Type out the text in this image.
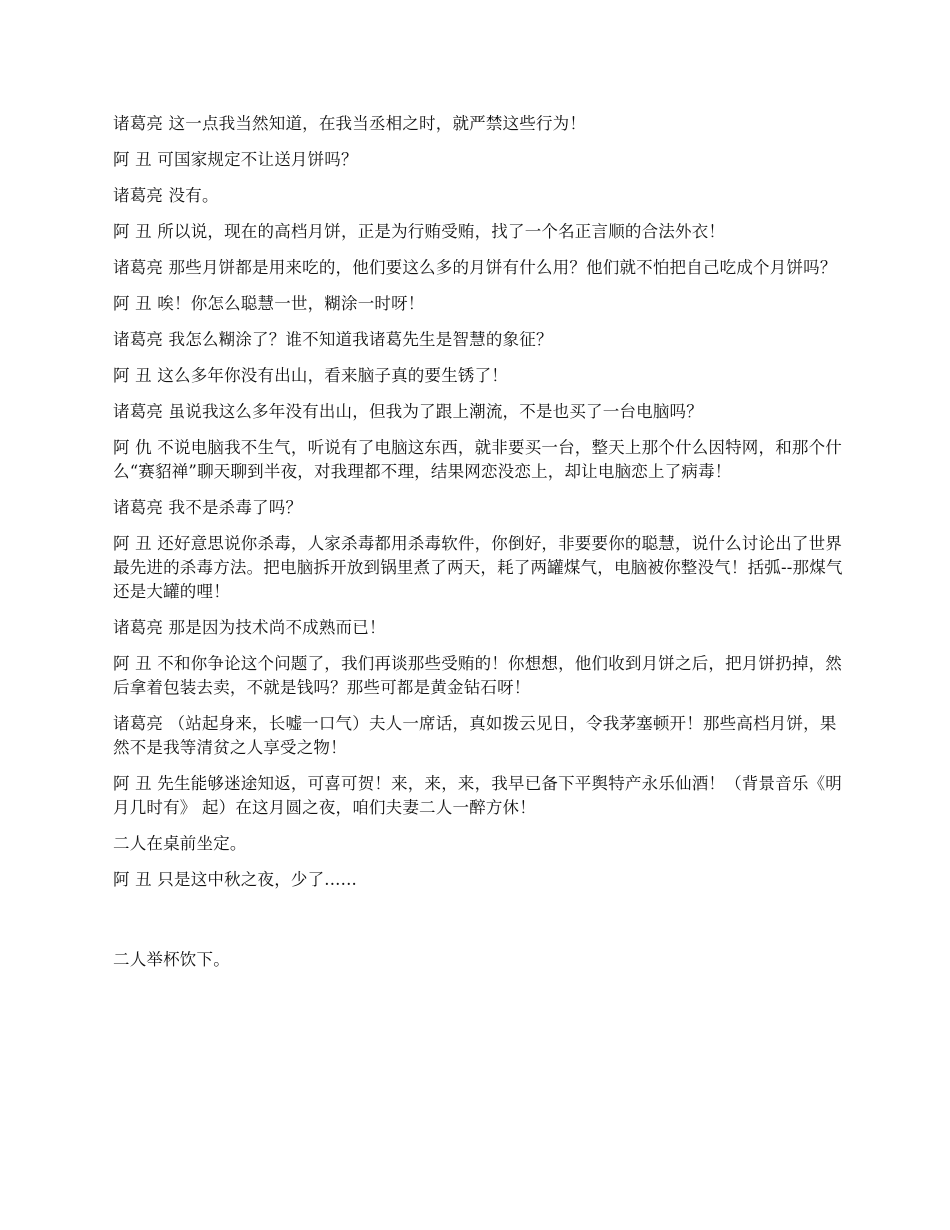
诸葛亮 这一点我当然知道，在我当丞相之时，就严禁这些行为！

阿 丑 可国家规定不让送月饼吗？

诸葛亮 没有。

阿 丑 所以说，现在的高档月饼，正是为行贿受贿，找了一个名正言顺的合法外衣！

诸葛亮 那些月饼都是用来吃的，他们要这么多的月饼有什么用？他们就不怕把自己吃成个月饼吗？

阿 丑 唉！你怎么聪慧一世，糊涂一时呀！

诸葛亮 我怎么糊涂了？谁不知道我诸葛先生是智慧的象征？

阿 丑 这么多年你没有出山，看来脑子真的要生锈了！

诸葛亮 虽说我这么多年没有出山，但我为了跟上潮流，不是也买了一台电脑吗？

阿 仇 不说电脑我不生气，听说有了电脑这东西，就非要买一台，整天上那个什么因特网，和那个什么“赛貂禅”聊天聊到半夜，对我理都不理，结果网恋没恋上，却让电脑恋上了病毒！

诸葛亮 我不是杀毒了吗？

阿 丑 还好意思说你杀毒，人家杀毒都用杀毒软件，你倒好，非要要你的聪慧，说什么讨论出了世界最先进的杀毒方法。把电脑拆开放到锅里煮了两天，耗了两罐煤气，电脑被你整没气！括弧--那煤气还是大罐的哩！

诸葛亮 那是因为技术尚不成熟而已！

阿 丑 不和你争论这个问题了，我们再谈那些受贿的！你想想，他们收到月饼之后，把月饼扔掉，然后拿着包装去卖，不就是钱吗？那些可都是黄金钻石呀！

诸葛亮 （站起身来，长嘘一口气）夫人一席话，真如拨云见日，令我茅塞顿开！那些高档月饼，果然不是我等清贫之人享受之物！

阿 丑 先生能够迷途知返，可喜可贺！来，来，来，我早已备下平舆特产永乐仙酒！（背景音乐《明月几时有》 起）在这月圆之夜，咱们夫妻二人一醉方休！

二人在桌前坐定。

阿 丑 只是这中秋之夜，少了......

二人举杯饮下。
